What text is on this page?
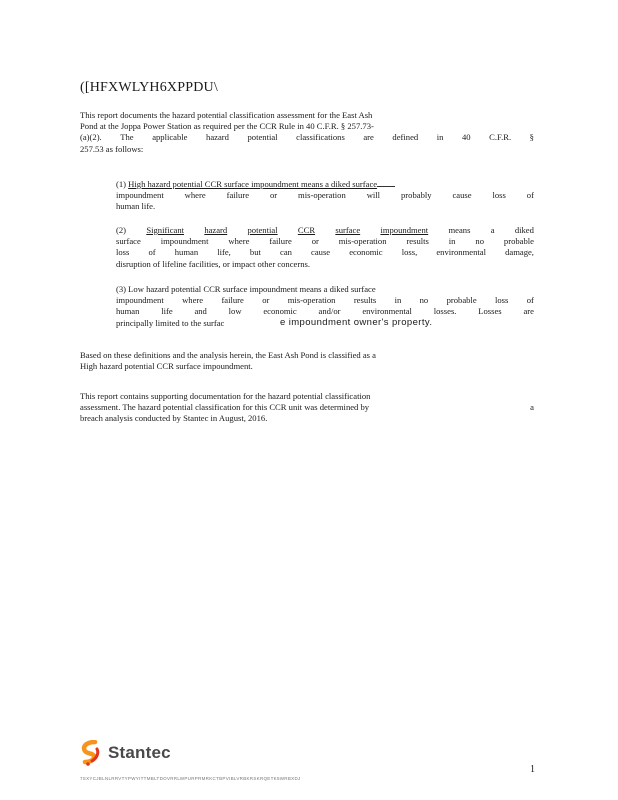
([HFXWLYH6XPPDU\
This report documents the hazard potential classification assessment for the East Ash
Pond at the Joppa Power Station as required per the CCR Rule in 40 C.F.R. § 257.73-
(a)(2). The applicable hazard potential classifications are defined in 40 C.F.R. §
257.53 as follows:
(1) High hazard potential CCR surface impoundment means a diked surface
impoundment where failure or mis-operation will probably cause loss of
human life.
(2) Significant hazard potential CCR surface impoundment means a diked
surface impoundment where failure or mis-operation results in no probable
loss of human life, but can cause economic loss, environmental damage,
disruption of lifeline facilities, or impact other concerns.
(3) Low hazard potential CCR surface impoundment means a diked surface
impoundment where failure or mis-operation results in no probable loss of
human	life	and	low	economic	and/or	environmental	losses.	Losses	are
principally limited to the surfac	e impoundment owner's property.
Based on these definitions and the analysis herein, the East Ash Pond is classified as a
High hazard potential CCR surface impoundment.
This report contains supporting documentation for the hazard potential classification
assessment. The hazard potential classification for this CCR unit was determined by	a
breach analysis conducted by Stantec in August, 2016.
Stantec
7SXYCJBLNLRRVTYPWYITTMBLTDOVRRLWPURPRMRKCTBPVIBLVRBKRSKRQETK5WRBXDJ
1
